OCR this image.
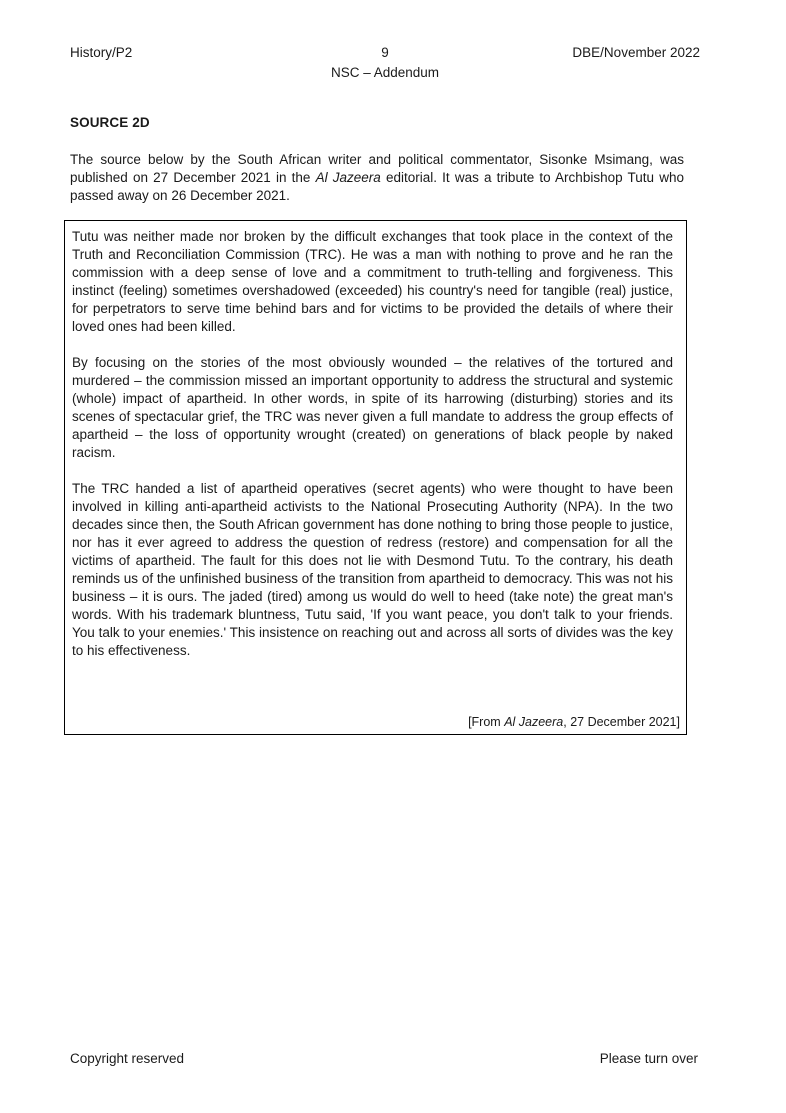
History/P2	9	DBE/November 2022
NSC – Addendum
SOURCE 2D
The source below by the South African writer and political commentator, Sisonke Msimang, was published on 27 December 2021 in the Al Jazeera editorial. It was a tribute to Archbishop Tutu who passed away on 26 December 2021.

Tutu was neither made nor broken by the difficult exchanges that took place in the context of the Truth and Reconciliation Commission (TRC). He was a man with nothing to prove and he ran the commission with a deep sense of love and a commitment to truth-telling and forgiveness. This instinct (feeling) sometimes overshadowed (exceeded) his country's need for tangible (real) justice, for perpetrators to serve time behind bars and for victims to be provided the details of where their loved ones had been killed.

By focusing on the stories of the most obviously wounded – the relatives of the tortured and murdered – the commission missed an important opportunity to address the structural and systemic (whole) impact of apartheid. In other words, in spite of its harrowing (disturbing) stories and its scenes of spectacular grief, the TRC was never given a full mandate to address the group effects of apartheid – the loss of opportunity wrought (created) on generations of black people by naked racism.

The TRC handed a list of apartheid operatives (secret agents) who were thought to have been involved in killing anti-apartheid activists to the National Prosecuting Authority (NPA). In the two decades since then, the South African government has done nothing to bring those people to justice, nor has it ever agreed to address the question of redress (restore) and compensation for all the victims of apartheid. The fault for this does not lie with Desmond Tutu. To the contrary, his death reminds us of the unfinished business of the transition from apartheid to democracy. This was not his business – it is ours. The jaded (tired) among us would do well to heed (take note) the great man's words. With his trademark bluntness, Tutu said, 'If you want peace, you don't talk to your friends. You talk to your enemies.' This insistence on reaching out and across all sorts of divides was the key to his effectiveness.

[From Al Jazeera, 27 December 2021]
Copyright reserved	Please turn over
